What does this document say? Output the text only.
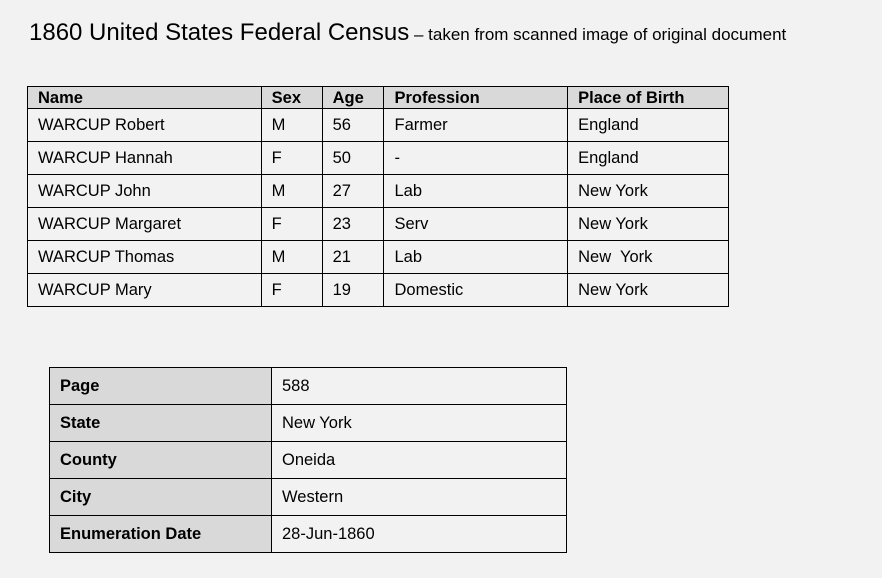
1860 United States Federal Census – taken from scanned image of original document
Name	Sex	Age	Profession	Place of Birth
WARCUP Robert	M	56	Farmer	England
WARCUP Hannah	F	50	-	England
WARCUP John	M	27	Lab	New York
WARCUP Margaret	F	23	Serv	New York
WARCUP Thomas	M	21	Lab	New  York
WARCUP Mary	F	19	Domestic	New York
Page	588
State	New York
County	Oneida
City	Western
Enumeration Date	28-Jun-1860
